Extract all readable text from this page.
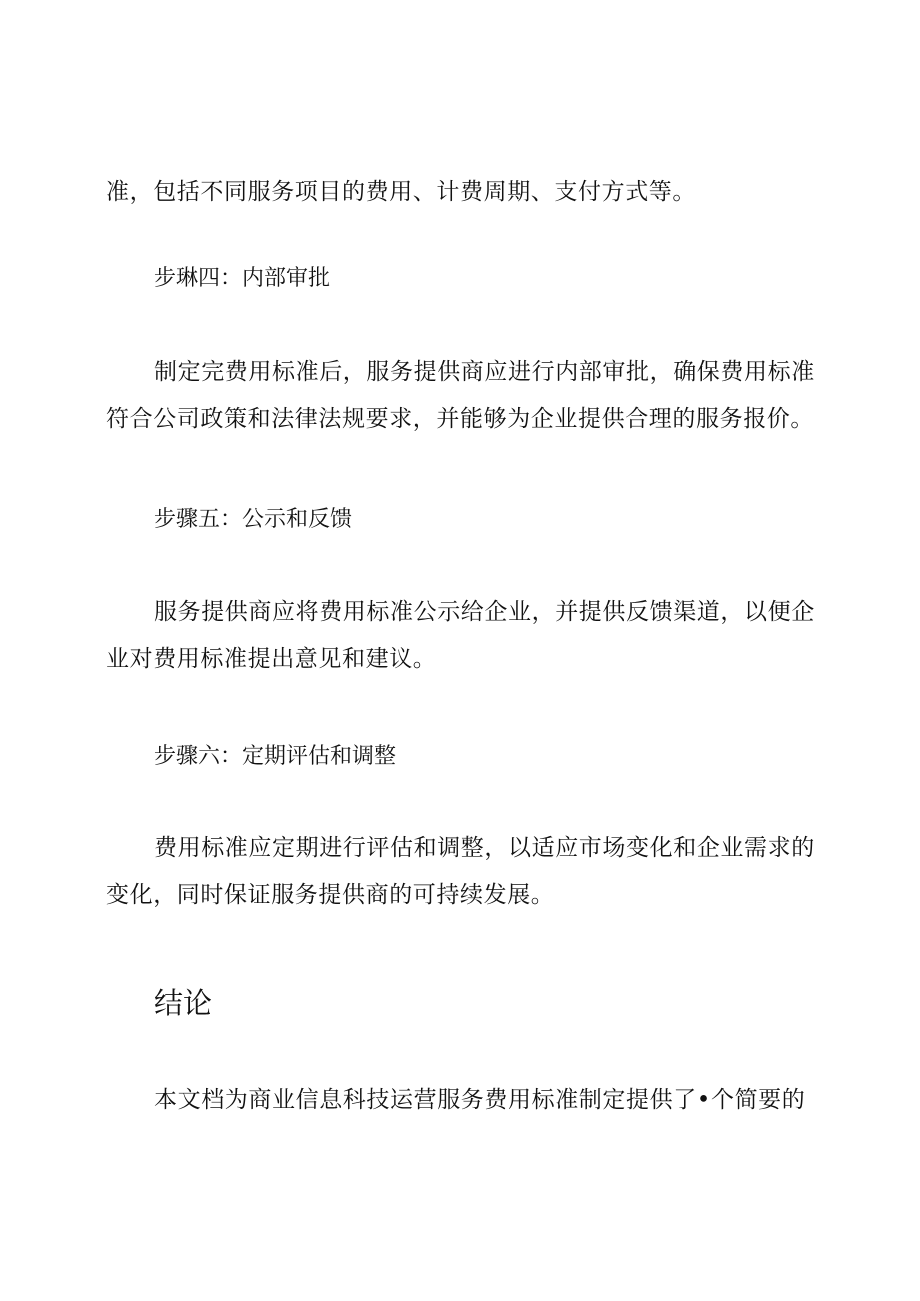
准，包括不同服务项目的费用、计费周期、支付方式等。
步琳四：内部审批
制定完费用标准后，服务提供商应进行内部审批，确保费用标准
符合公司政策和法律法规要求，并能够为企业提供合理的服务报价。
步骤五：公示和反馈
服务提供商应将费用标准公示给企业，并提供反馈渠道，以便企
业对费用标准提出意见和建议。
步骤六：定期评估和调整
费用标准应定期进行评估和调整，以适应市场变化和企业需求的
变化，同时保证服务提供商的可持续发展。
结论
本文档为商业信息科技运营服务费用标准制定提供了•个简要的
